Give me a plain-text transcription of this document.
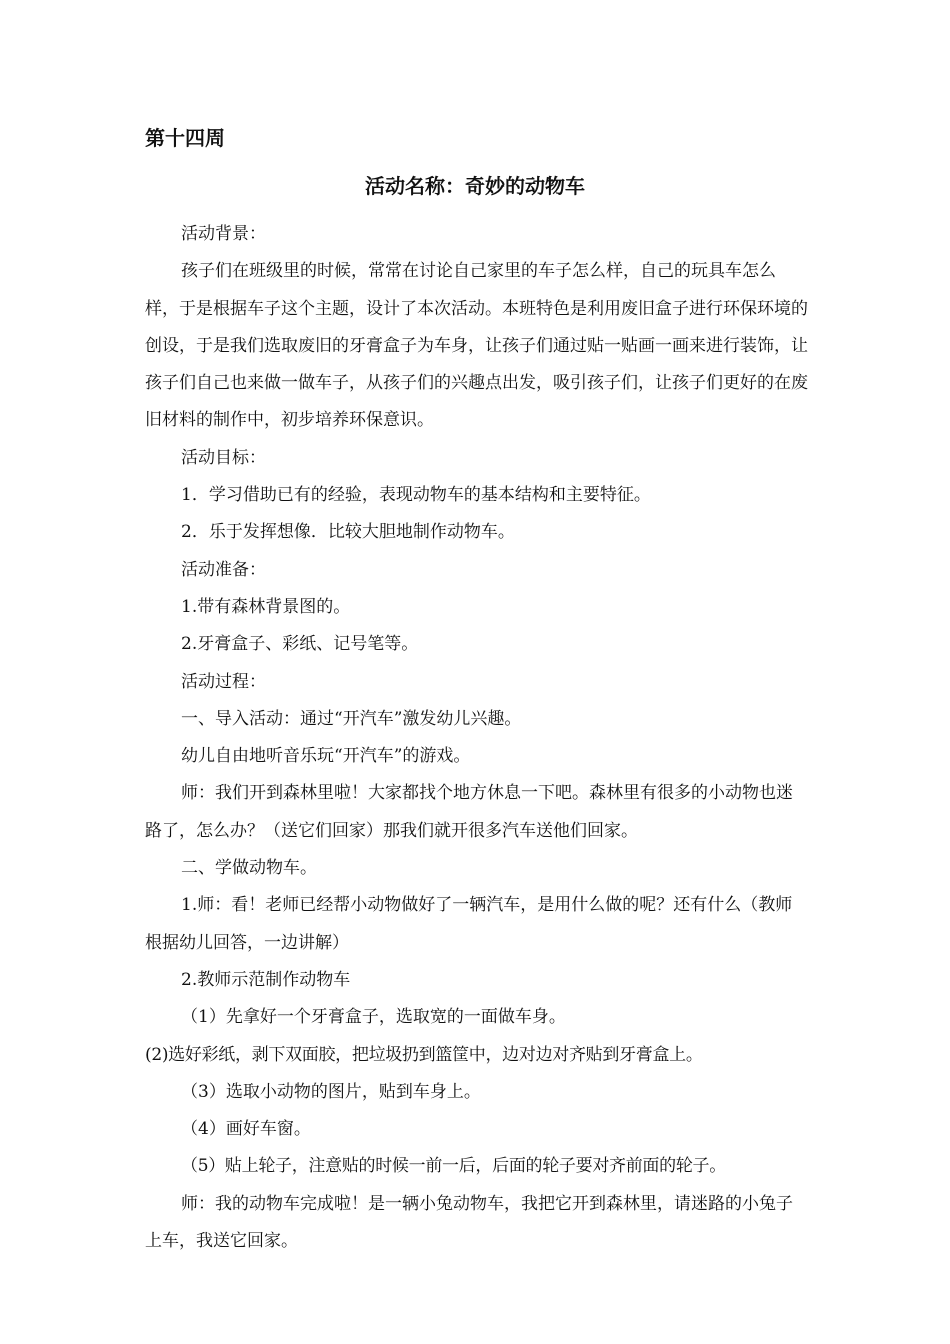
第十四周
活动名称：奇妙的动物车

活动背景：

孩子们在班级里的时候，常常在讨论自己家里的车子怎么样，自己的玩具车怎么样，于是根据车子这个主题，设计了本次活动。本班特色是利用废旧盒子进行环保环境的创设，于是我们选取废旧的牙膏盒子为车身，让孩子们通过贴一贴画一画来进行装饰，让孩子们自己也来做一做车子，从孩子们的兴趣点出发，吸引孩子们，让孩子们更好的在废旧材料的制作中，初步培养环保意识。

活动目标：

1．学习借助已有的经验，表现动物车的基本结构和主要特征。

2．乐于发挥想像．比较大胆地制作动物车。

活动准备：

1.带有森林背景图的。

2.牙膏盒子、彩纸、记号笔等。

活动过程：

一、导入活动：通过“开汽车”激发幼儿兴趣。

幼儿自由地听音乐玩“开汽车”的游戏。

师：我们开到森林里啦！大家都找个地方休息一下吧。森林里有很多的小动物也迷路了，怎么办？（送它们回家）那我们就开很多汽车送他们回家。

二、学做动物车。

1.师：看！老师已经帮小动物做好了一辆汽车，是用什么做的呢？还有什么（教师根据幼儿回答，一边讲解）

2.教师示范制作动物车

（1）先拿好一个牙膏盒子，选取宽的一面做车身。

(2)选好彩纸，剥下双面胶，把垃圾扔到篮筐中，边对边对齐贴到牙膏盒上。

（3）选取小动物的图片，贴到车身上。

（4）画好车窗。

（5）贴上轮子，注意贴的时候一前一后，后面的轮子要对齐前面的轮子。

师：我的动物车完成啦！是一辆小兔动物车，我把它开到森林里，请迷路的小兔子上车，我送它回家。
